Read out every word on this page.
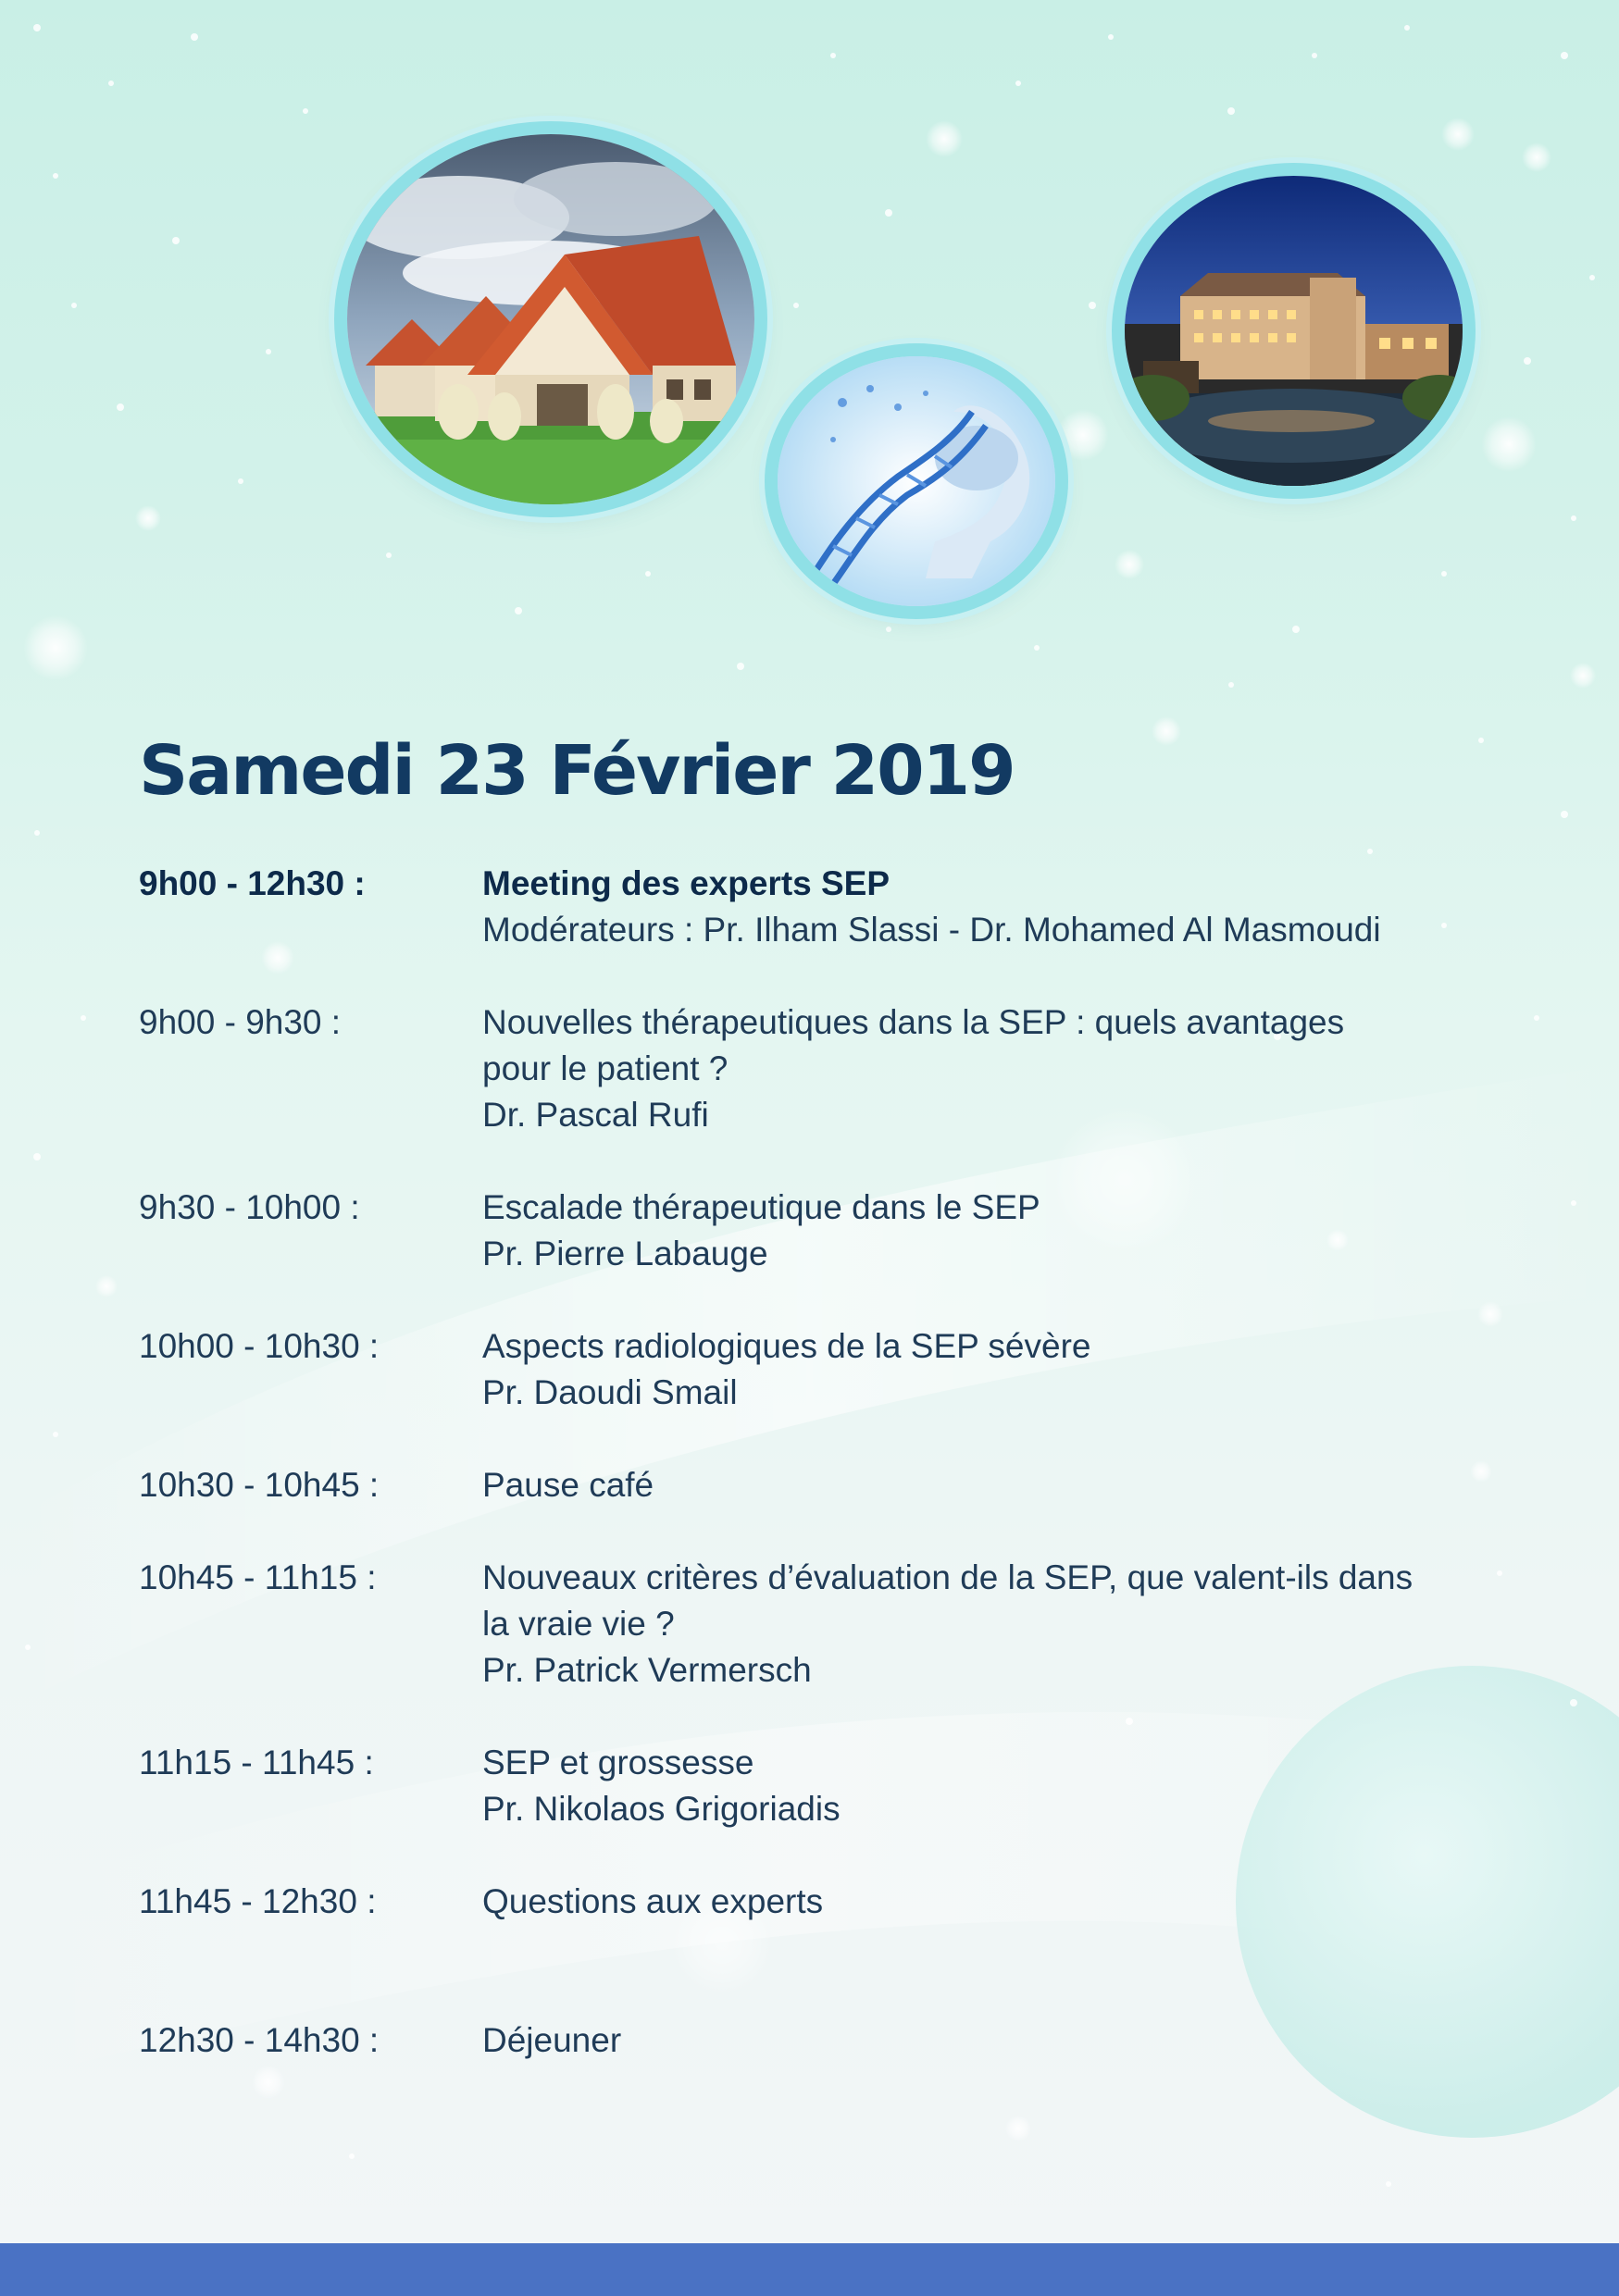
Samedi 23 Février 2019
9h00 - 12h30 :	Meeting des experts SEP
Modérateurs : Pr. Ilham Slassi - Dr. Mohamed Al Masmoudi
9h00 - 9h30 :	Nouvelles thérapeutiques dans la SEP : quels avantages
pour le patient ?
Dr. Pascal Rufi
9h30 - 10h00 :	Escalade thérapeutique dans le SEP
Pr. Pierre Labauge
10h00 - 10h30 :	Aspects radiologiques de la SEP sévère
Pr. Daoudi Smail
10h30 - 10h45 :	Pause café
10h45 - 11h15 :	Nouveaux critères d’évaluation de la SEP, que valent-ils dans
la vraie vie ?
Pr. Patrick Vermersch
11h15 - 11h45 :	SEP et grossesse
Pr. Nikolaos Grigoriadis
11h45 - 12h30 :	Questions aux experts
12h30 - 14h30 :	Déjeuner
